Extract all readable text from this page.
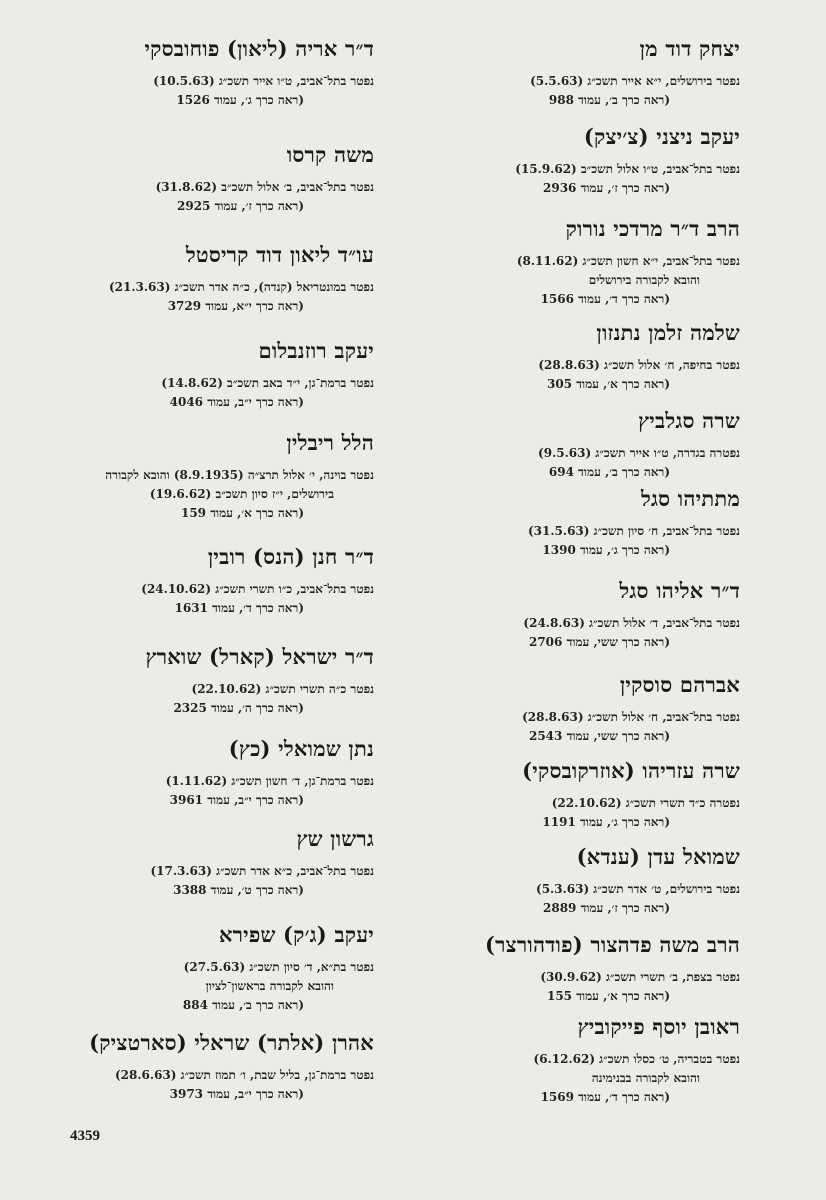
יצחק דוד מן
נפטר בירושלים, י״א אייר תשכ״ג (5.5.63)
(ראה כרך ב׳, עמוד 988
יעקב ניצני (צ׳יצק)
נפטר בתל־אביב, ט״ו אלול תשכ״ב (15.9.62)
(ראה כרך ז׳, עמוד 2936
הרב ד״ר מרדכי נורוק
נפטר בתל־אביב, י״א חשון תשכ״ג (8.11.62)
והובא לקבורה בירושלים
(ראה כרך ד׳, עמוד 1566
שלמה זלמן נתנזון
נפטר בחיפה, ח׳ אלול תשכ״ג (28.8.63)
(ראה כרך א׳, עמוד 305
שרה סגלביץ
נפטרה בגדרה, ט״ו אייר תשכ״ג (9.5.63)
(ראה כרך ב׳, עמוד 694
מתתיהו סגל
נפטר בתל־אביב, ח׳ סיון תשכ״ג (31.5.63)
(ראה כרך ג׳, עמוד 1390
ד״ר אליהו סגל
נפטר בתל־אביב, ד׳ אלול תשכ״ג (24.8.63)
(ראה כרך ששי, עמוד 2706
אברהם סוסקין
נפטר בתל־אביב, ח׳ אלול תשכ״ג (28.8.63)
(ראה כרך ששי, עמוד 2543
שרה עזריהו (אוזרקובסקי)
נפטרה כ״ד תשרי תשכ״ג (22.10.62)
(ראה כרך ג׳, עמוד 1191
שמואל עדן (ענדא)
נפטר בירושלים, ט׳ אדר תשכ״ג (5.3.63)
(ראה כרך ז׳, עמוד 2889
הרב משה פדהצור (פודהורצר)
נפטר בצפת, ב׳ תשרי תשכ״ג (30.9.62)
(ראה כרך א׳, עמוד 155
ראובן יוסף פייקוביץ
נפטר בטבריה, ט׳ כסלו תשכ״ג (6.12.62)
והובא לקבורה בבנימינה
(ראה כרך ד׳, עמוד 1569
ד״ר אריה (ליאון) פוחובסקי
נפטר בתל־אביב, ט״ו אייר תשכ״ג (10.5.63)
(ראה כרך ג׳, עמוד 1526
משה קרסו
נפטר בתל־אביב, ב׳ אלול תשכ״ב (31.8.62)
(ראה כרך ז׳, עמוד 2925
עו״ד ליאון דוד קריסטל
נפטר במונטריאל (קנדה), כ״ה אדר תשכ״ג (21.3.63)
(ראה כרך י״א, עמוד 3729
יעקב רוזנבלום
נפטר ברמת־גן, י״ד באב תשכ״ב (14.8.62)
(ראה כרך י״ב, עמוד 4046
הלל ריבלין
נפטר בוינה, י׳ אלול תרצ״ה (8.9.1935) והובא לקבורה
בירושלים, י״ז סיון תשכ״ב (19.6.62)
(ראה כרך א׳, עמוד 159
ד״ר חנן (הנס) רובין
נפטר בתל־אביב, כ״ו תשרי תשכ״ג (24.10.62)
(ראה כרך ד׳, עמוד 1631
ד״ר ישראל (קארל) שוארץ
נפטר כ״ה תשרי תשכ״ג (22.10.62)
(ראה כרך ה׳, עמוד 2325
נתן שמואלי (כץ)
נפטר ברמת־גן, ד׳ חשון תשכ״ג (1.11.62)
(ראה כרך י״ב, עמוד 3961
גרשון שץ
נפטר בתל־אביב, כ״א אדר תשכ״ג (17.3.63)
(ראה כרך ט׳, עמוד 3388
יעקב (ג׳ק) שפירא
נפטר בת״א, ד׳ סיון תשכ״ג (27.5.63)
והובא לקבורה בראשון־לציון
(ראה כרך ב׳, עמוד 884
אהרן (אלתר) שראלי (סארטציק)
נפטר ברמת־גן, בליל שבת, ו׳ תמוז תשכ״ג (28.6.63)
(ראה כרך י״ב, עמוד 3973
4359
